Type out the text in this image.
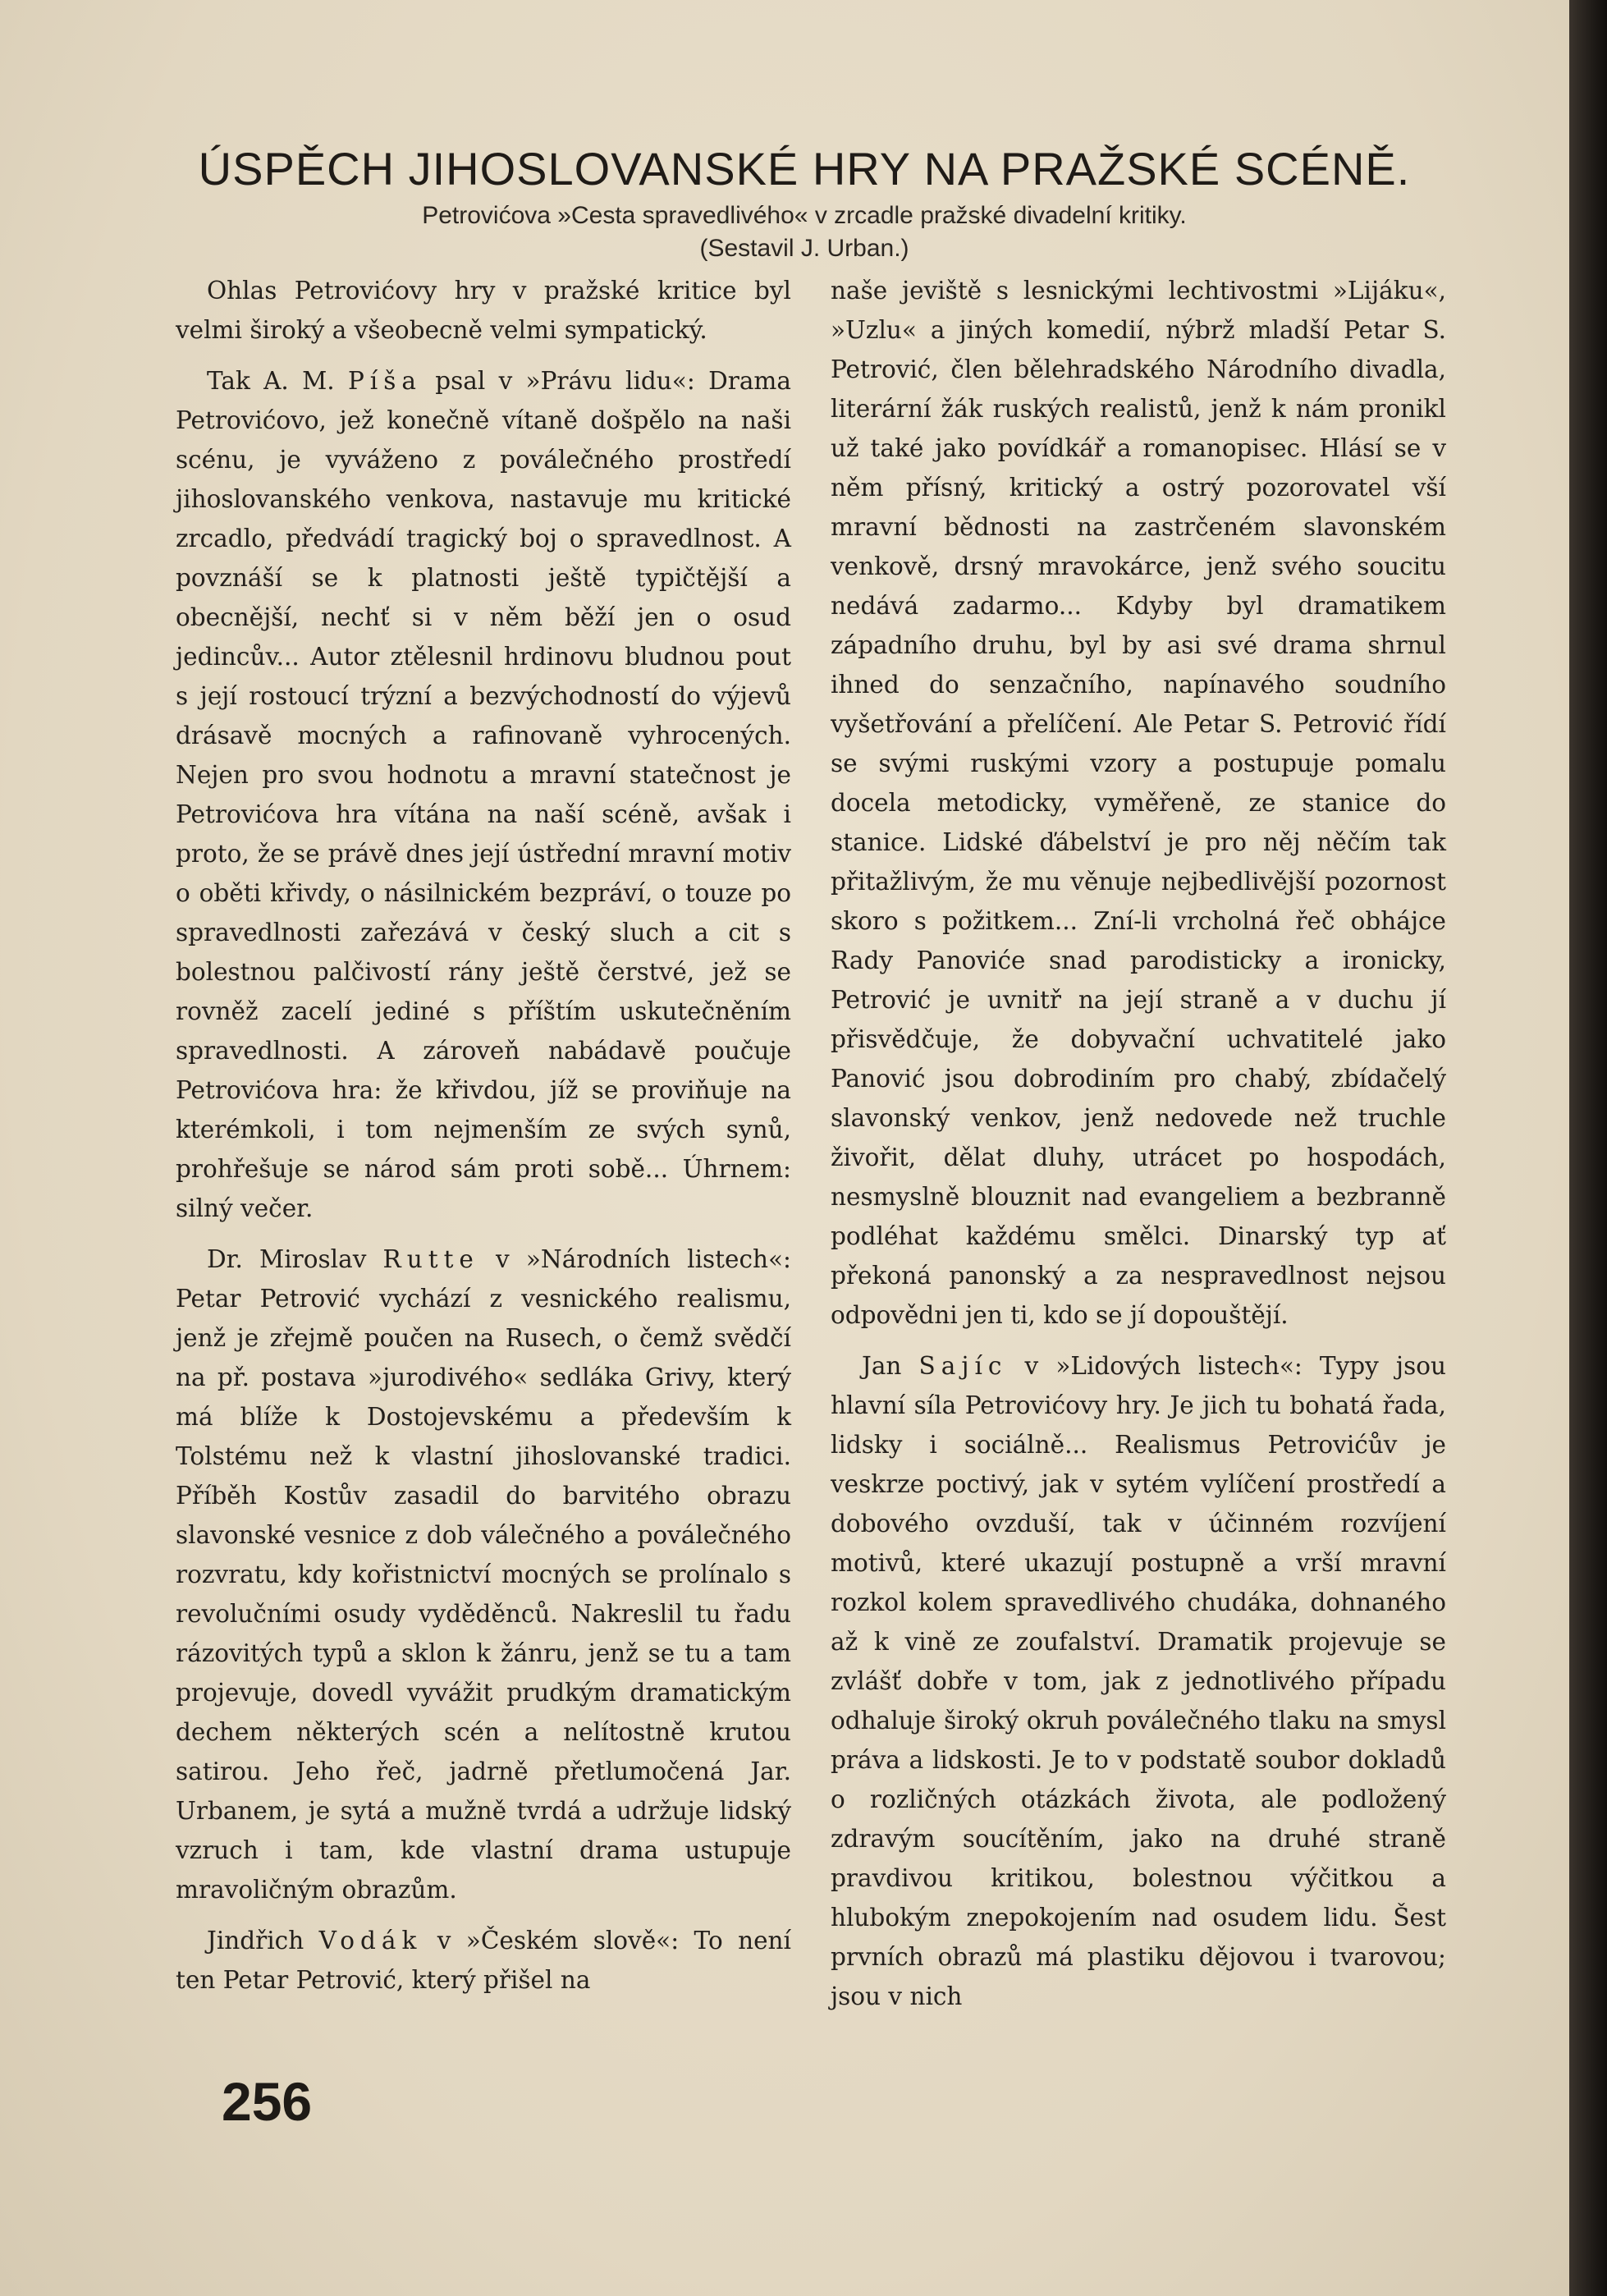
ÚSPĚCH JIHOSLOVANSKÉ HRY NA PRAŽSKÉ SCÉNĚ.
Petrovićova »Cesta spravedlivého« v zrcadle pražské divadelní kritiky.
(Sestavil J. Urban.)

Ohlas Petrovićovy hry v pražské kritice byl velmi široký a všeobecně velmi sympatický.

Tak A. M. Píša psal v »Právu lidu«: Drama Petrovićovo, jež konečně vítaně došpělo na naši scénu, je vyváženo z poválečného prostředí jihoslovanského venkova, nastavuje mu kritické zrcadlo, předvádí tragický boj o spravedlnost. A povznáší se k platnosti ještě typičtější a obecnější, nechť si v něm běží jen o osud jedincův... Autor ztělesnil hrdinovu bludnou pout s její rostoucí trýzní a bezvýchodností do výjevů drásavě mocných a rafinovaně vyhrocených. Nejen pro svou hodnotu a mravní statečnost je Petrovićova hra vítána na naší scéně, avšak i proto, že se právě dnes její ústřední mravní motiv o oběti křivdy, o násilnickém bezpráví, o touze po spravedlnosti zařezává v český sluch a cit s bolestnou palčivostí rány ještě čerstvé, jež se rovněž zacelí jediné s příštím uskutečněním spravedlnosti. A zároveň nabádavě poučuje Petrovićova hra: že křivdou, jíž se proviňuje na kterémkoli, i tom nejmenším ze svých synů, prohřešuje se národ sám proti sobě... Úhrnem: silný večer.

Dr. Miroslav Rutte v »Národních listech«: Petar Petrović vychází z vesnického realismu, jenž je zřejmě poučen na Rusech, o čemž svědčí na př. postava »jurodivého« sedláka Grivy, který má blíže k Dostojevskému a především k Tolstému než k vlastní jihoslovanské tradici. Příběh Kostův zasadil do barvitého obrazu slavonské vesnice z dob válečného a poválečného rozvratu, kdy kořistnictví mocných se prolínalo s revolučními osudy vyděděnců. Nakreslil tu řadu rázovitých typů a sklon k žánru, jenž se tu a tam projevuje, dovedl vyvážit prudkým dramatickým dechem některých scén a nelítostně krutou satirou. Jeho řeč, jadrně přetlumočená Jar. Urbanem, je sytá a mužně tvrdá a udržuje lidský vzruch i tam, kde vlastní drama ustupuje mravoličným obrazům.

Jindřich Vodák v »Českém slově«: To není ten Petar Petrović, který přišel na

naše jeviště s lesnickými lechtivostmi »Lijáku«, »Uzlu« a jiných komedií, nýbrž mladší Petar S. Petrović, člen bělehradského Národního divadla, literární žák ruských realistů, jenž k nám pronikl už také jako povídkář a romanopisec. Hlásí se v něm přísný, kritický a ostrý pozorovatel vší mravní bědnosti na zastrčeném slavonském venkově, drsný mravokárce, jenž svého soucitu nedává zadarmo... Kdyby byl dramatikem západního druhu, byl by asi své drama shrnul ihned do senzačního, napínavého soudního vyšetřování a přelíčení. Ale Petar S. Petrović řídí se svými ruskými vzory a postupuje pomalu docela metodicky, vyměřeně, ze stanice do stanice. Lidské ďábelství je pro něj něčím tak přitažlivým, že mu věnuje nejbedlivější pozornost skoro s požitkem... Zní-li vrcholná řeč obhájce Rady Panoviće snad parodisticky a ironicky, Petrović je uvnitř na její straně a v duchu jí přisvědčuje, že dobyvační uchvatitelé jako Panović jsou dobrodiním pro chabý, zbídačelý slavonský venkov, jenž nedovede než truchle živořit, dělat dluhy, utrácet po hospodách, nesmyslně blouznit nad evangeliem a bezbranně podléhat každému smělci. Dinarský typ ať překoná panonský a za nespravedlnost nejsou odpovědni jen ti, kdo se jí dopouštějí.

Jan Sajíc v »Lidových listech«: Typy jsou hlavní síla Petrovićovy hry. Je jich tu bohatá řada, lidsky i sociálně... Realismus Petrovićův je veskrze poctivý, jak v sytém vylíčení prostředí a dobového ovzduší, tak v účinném rozvíjení motivů, které ukazují postupně a vrší mravní rozkol kolem spravedlivého chudáka, dohnaného až k vině ze zoufalství. Dramatik projevuje se zvlášť dobře v tom, jak z jednotlivého případu odhaluje široký okruh poválečného tlaku na smysl práva a lidskosti. Je to v podstatě soubor dokladů o rozličných otázkách života, ale podložený zdravým soucítěním, jako na druhé straně pravdivou kritikou, bolestnou výčitkou a hlubokým znepokojením nad osudem lidu. Šest prvních obrazů má plastiku dějovou i tvarovou; jsou v nich

256
